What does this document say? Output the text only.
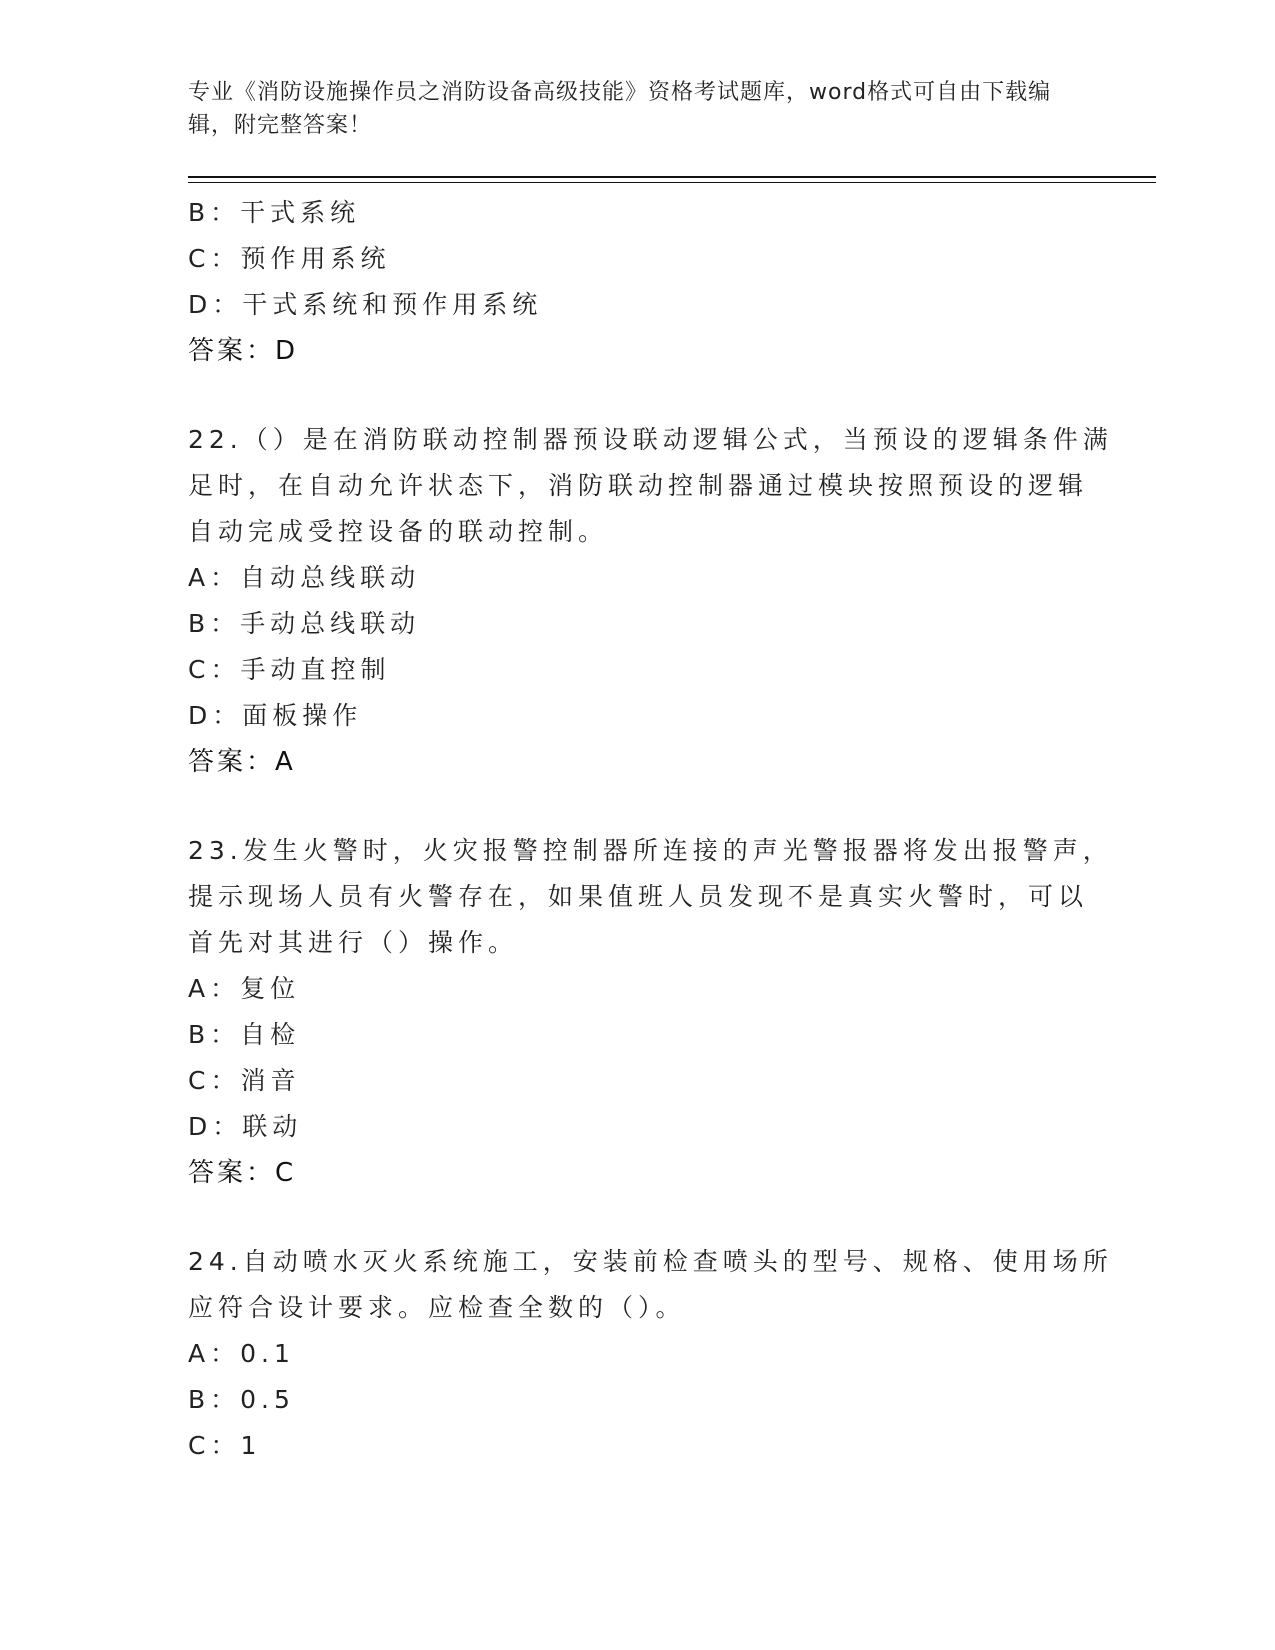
专业《消防设施操作员之消防设备高级技能》资格考试题库，word格式可自由下载编辑，附完整答案！
B：干式系统
C：预作用系统
D：干式系统和预作用系统
答案：D
22.（）是在消防联动控制器预设联动逻辑公式，当预设的逻辑条件满
足时，在自动允许状态下，消防联动控制器通过模块按照预设的逻辑
自动完成受控设备的联动控制。
A：自动总线联动
B：手动总线联动
C：手动直控制
D：面板操作
答案：A
23.发生火警时，火灾报警控制器所连接的声光警报器将发出报警声，
提示现场人员有火警存在，如果值班人员发现不是真实火警时，可以
首先对其进行（）操作。
A：复位
B：自检
C：消音
D：联动
答案：C
24.自动喷水灭火系统施工，安装前检查喷头的型号、规格、使用场所
应符合设计要求。应检查全数的（）。
A：0.1
B：0.5
C：1
